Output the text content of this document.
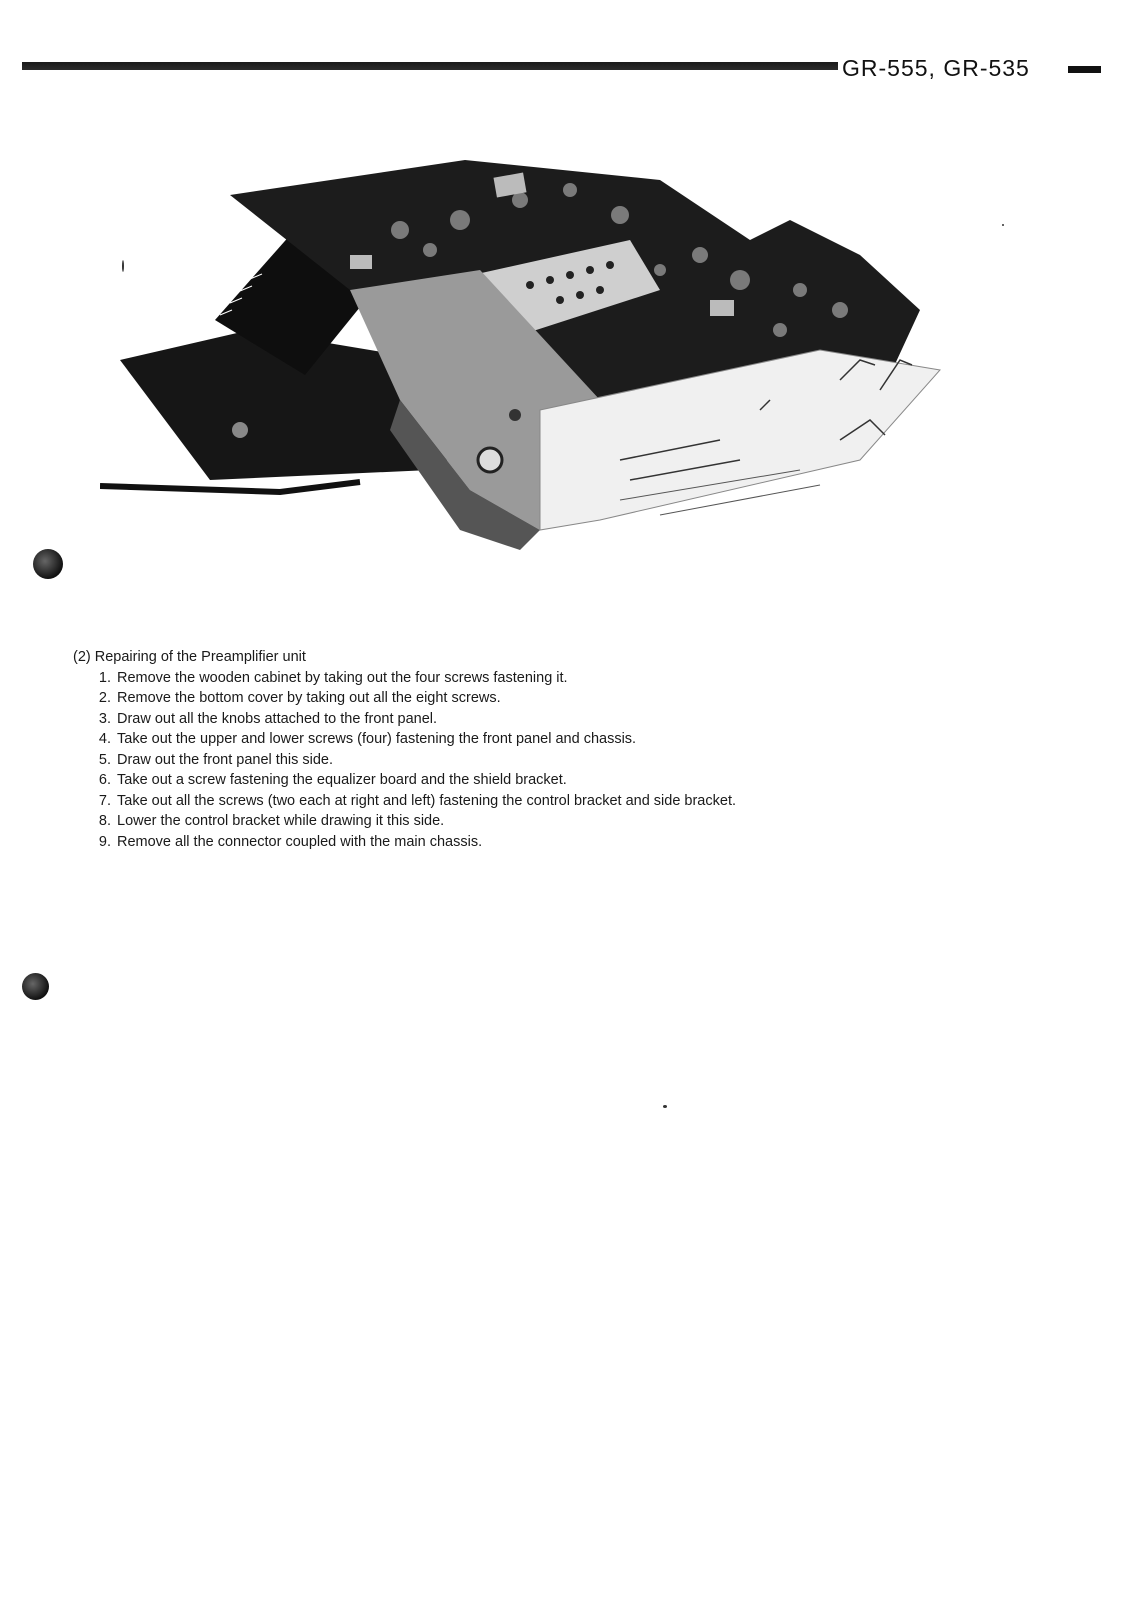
GR-555, GR-535

(2) Repairing of the Preamplifier unit

1. Remove the wooden cabinet by taking out the four screws fastening it.
2. Remove the bottom cover by taking out all the eight screws.
3. Draw out all the knobs attached to the front panel.
4. Take out the upper and lower screws (four) fastening the front panel and chassis.
5. Draw out the front panel this side.
6. Take out a screw fastening the equalizer board and the shield bracket.
7. Take out all the screws (two each at right and left) fastening the control bracket and side bracket.
8. Lower the control bracket while drawing it this side.
9. Remove all the connector coupled with the main chassis.
